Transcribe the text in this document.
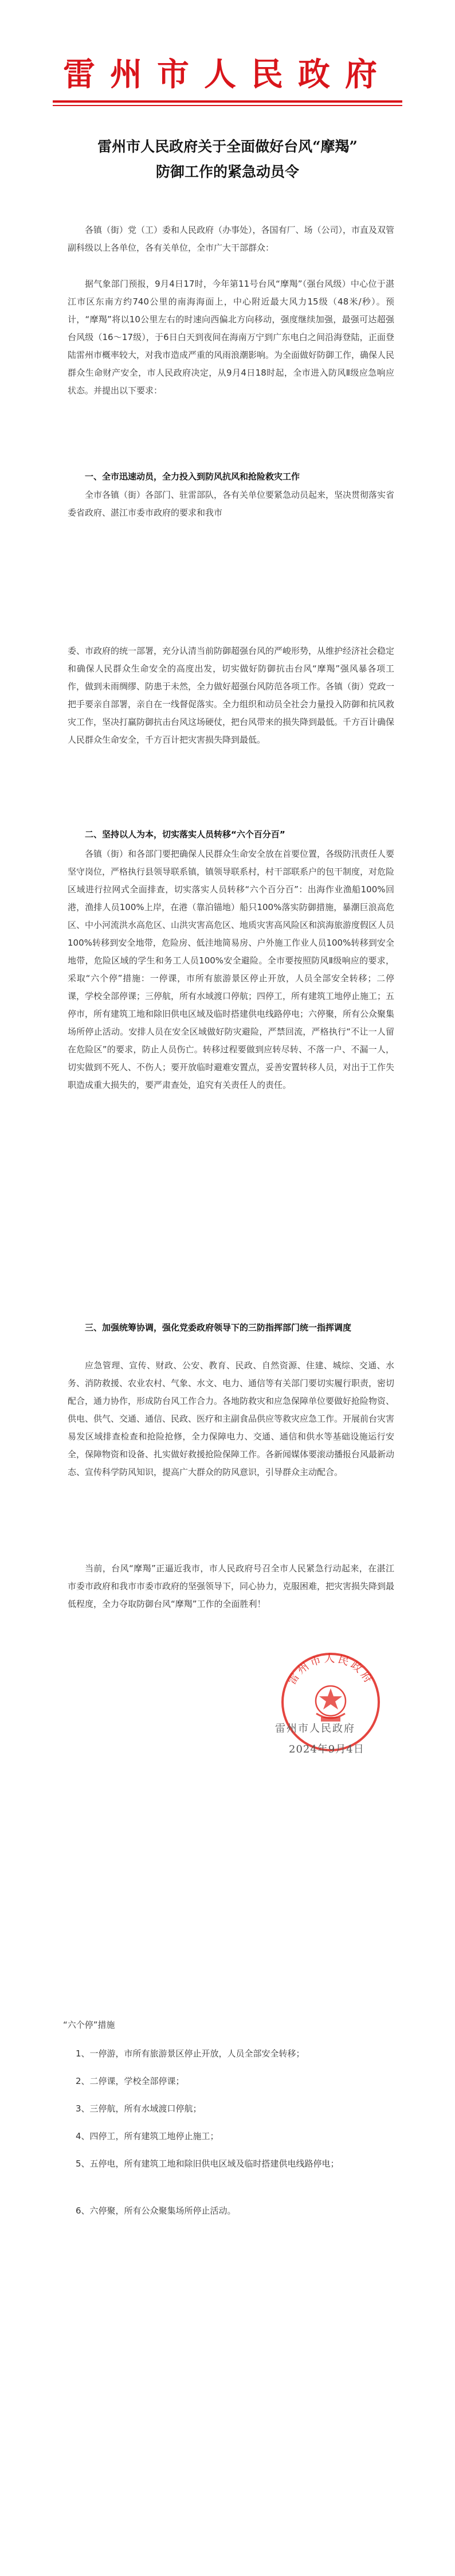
雷州市人民政府
雷州市人民政府关于全面做好台风“摩羯”
防御工作的紧急动员令
各镇（街）党（工）委和人民政府（办事处），各国有厂、场（公司），市直及双管副科级以上各单位，各有关单位，全市广大干部群众：
据气象部门预报，9月4日17时，今年第11号台风“摩羯”（强台风级）中心位于湛江市区东南方约740公里的南海海面上，中心附近最大风力15级（48米/秒）。预计，“摩羯”将以10公里左右的时速向西偏北方向移动，强度继续加强，最强可达超强台风级（16～17级），于6日白天到夜间在海南万宁到广东电白之间沿海登陆，正面登陆雷州市概率较大，对我市造成严重的风雨浪潮影响。为全面做好防御工作，确保人民群众生命财产安全，市人民政府决定，从9月4日18时起，全市进入防风Ⅱ级应急响应状态。并提出以下要求：
一、全市迅速动员，全力投入到防风抗风和抢险救灾工作
全市各镇（街）各部门、驻雷部队，各有关单位要紧急动员起来，坚决贯彻落实省委省政府、湛江市委市政府的要求和我市
委、市政府的统一部署，充分认清当前防御超强台风的严峻形势，从维护经济社会稳定和确保人民群众生命安全的高度出发，切实做好防御抗击台风“摩羯”强风暴各项工作，做到未雨绸缪、防患于未然，全力做好超强台风防范各项工作。各镇（街）党政一把手要亲自部署，亲自在一线督促落实。全力组织和动员全社会力量投入防御和抗风救灾工作，坚决打赢防御抗击台风这场硬仗，把台风带来的损失降到最低。千方百计确保人民群众生命安全，千方百计把灾害损失降到最低。
二、坚持以人为本，切实落实人员转移“六个百分百”
各镇（街）和各部门要把确保人民群众生命安全放在首要位置，各级防汛责任人要坚守岗位，严格执行县领导联系镇，镇领导联系村，村干部联系户的包干制度，对危险区域进行拉网式全面排查，切实落实人员转移“六个百分百”：出海作业渔船100%回港，渔排人员100%上岸，在港（靠泊锚地）船只100%落实防御措施，暴潮巨浪高危区、中小河流洪水高危区、山洪灾害高危区、地质灾害高风险区和滨海旅游度假区人员100%转移到安全地带，危险房、低洼地简易房、户外施工作业人员100%转移到安全地带，危险区域的学生和务工人员100%安全避险。全市要按照防风Ⅱ级响应的要求，采取“六个停”措施：一停课，市所有旅游景区停止开放，人员全部安全转移；二停课，学校全部停课；三停航，所有水域渡口停航；四停工，所有建筑工地停止施工；五停市，所有建筑工地和除旧供电区域及临时搭建供电线路停电；六停聚，所有公众聚集场所停止活动。安排人员在安全区域做好防灾避险，严禁回流，严格执行“不让一人留在危险区”的要求，防止人员伤亡。转移过程要做到应转尽转、不落一户、不漏一人，切实做到不死人、不伤人；要开放临时避难安置点，妥善安置转移人员，对出于工作失职造成重大损失的，要严肃查处，追究有关责任人的责任。
三、加强统筹协调，强化党委政府领导下的三防指挥部门统一指挥调度
应急管理、宣传、财政、公安、教育、民政、自然资源、住建、城综、交通、水务、消防救援、农业农村、气象、水文、电力、通信等有关部门要切实履行职责，密切配合，通力协作，形成防台风工作合力。各地防救灾和应急保障单位要做好抢险物资、供电、供气、交通、通信、民政、医疗和主副食品供应等救灾应急工作。开展前台灾害易发区域排查检查和抢险抢修，全力保障电力、交通、通信和供水等基础设施运行安全，保障物资和设备、扎实做好救援抢险保障工作。各新闻媒体要滚动播报台风最新动态、宣传科学防风知识，提高广大群众的防风意识，引导群众主动配合。
当前，台风“摩羯”正逼近我市，市人民政府号召全市人民紧急行动起来，在湛江市委市政府和我市市委市政府的坚强领导下，同心协力，克服困难，把灾害损失降到最低程度，全力夺取防御台风“摩羯”工作的全面胜利！
雷州市人民政府
雷州市人民政府
2024年9月4日
“六个停”措施
1、一停游，市所有旅游景区停止开放，人员全部安全转移；
2、二停课，学校全部停课；
3、三停航，所有水域渡口停航；
4、四停工，所有建筑工地停止施工；
5、五停电，所有建筑工地和除旧供电区域及临时搭建供电线路停电；
6、六停聚，所有公众聚集场所停止活动。
